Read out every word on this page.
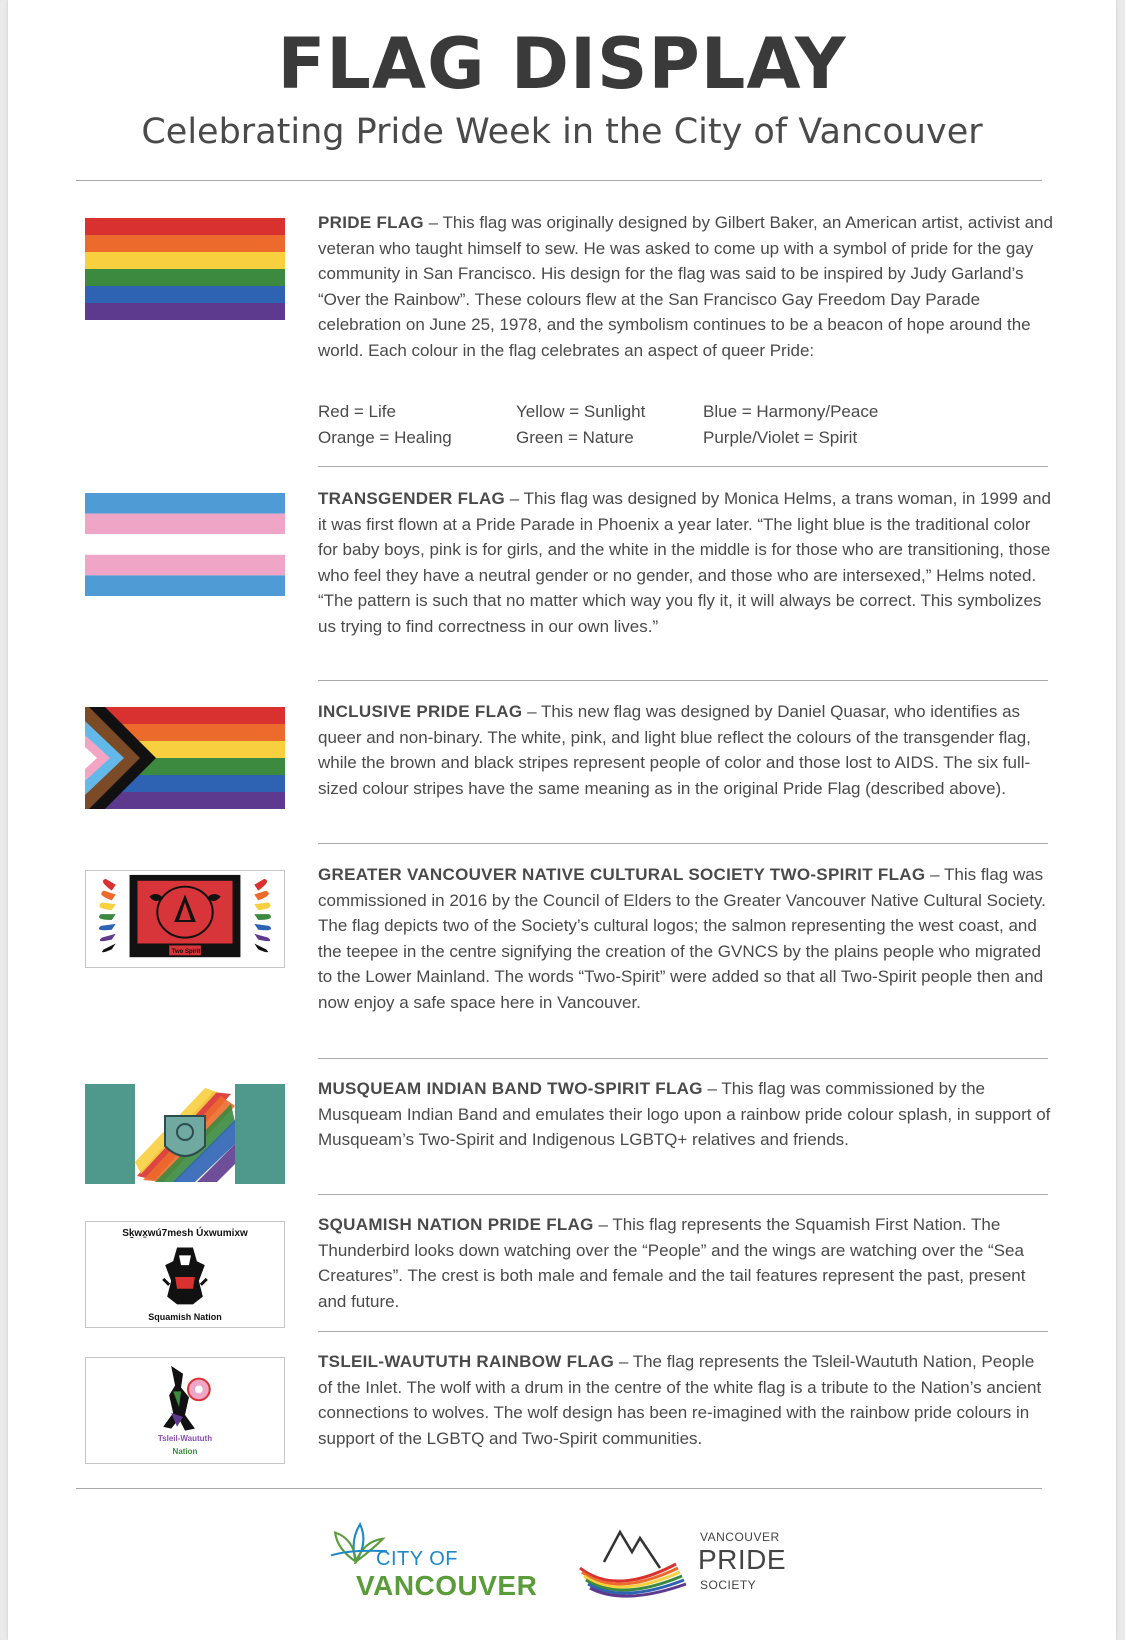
FLAG DISPLAY
Celebrating Pride Week in the City of Vancouver
PRIDE FLAG – This flag was originally designed by Gilbert Baker, an American artist, activist and veteran who taught himself to sew. He was asked to come up with a symbol of pride for the gay community in San Francisco. His design for the flag was said to be inspired by Judy Garland’s “Over the Rainbow”. These colours flew at the San Francisco Gay Freedom Day Parade celebration on June 25, 1978, and the symbolism continues to be a beacon of hope around the world. Each colour in the flag celebrates an aspect of queer Pride:
Red = Life
Orange = Healing
Yellow = Sunlight
Green = Nature
Blue = Harmony/Peace
Purple/Violet = Spirit
TRANSGENDER FLAG – This flag was designed by Monica Helms, a trans woman, in 1999 and it was first flown at a Pride Parade in Phoenix a year later. “The light blue is the traditional color for baby boys, pink is for girls, and the white in the middle is for those who are transitioning, those who feel they have a neutral gender or no gender, and those who are intersexed,” Helms noted. “The pattern is such that no matter which way you fly it, it will always be correct. This symbolizes us trying to find correctness in our own lives.”
INCLUSIVE PRIDE FLAG – This new flag was designed by Daniel Quasar, who identifies as queer and non-binary. The white, pink, and light blue reflect the colours of the transgender flag, while the brown and black stripes represent people of color and those lost to AIDS. The six full-sized colour stripes have the same meaning as in the original Pride Flag (described above).
Two Spirit
GREATER VANCOUVER NATIVE CULTURAL SOCIETY TWO-SPIRIT FLAG – This flag was commissioned in 2016 by the Council of Elders to the Greater Vancouver Native Cultural Society. The flag depicts two of the Society’s cultural logos; the salmon representing the west coast, and the teepee in the centre signifying the creation of the GVNCS by the plains people who migrated to the Lower Mainland. The words “Two-Spirit” were added so that all Two-Spirit people then and now enjoy a safe space here in Vancouver.
MUSQUEAM INDIAN BAND TWO-SPIRIT FLAG – This flag was commissioned by the Musqueam Indian Band and emulates their logo upon a rainbow pride colour splash, in support of Musqueam’s Two-Spirit and Indigenous LGBTQ+ relatives and friends.
Sḵwx̱wú7mesh Úxwumixw
Squamish Nation
SQUAMISH NATION PRIDE FLAG – This flag represents the Squamish First Nation. The Thunderbird looks down watching over the “People” and the wings are watching over the “Sea Creatures”. The crest is both male and female and the tail features represent the past, present and future.
Tsleil-Waututh
Nation
TSLEIL-WAUTUTH RAINBOW FLAG – The flag represents the Tsleil-Waututh Nation, People of the Inlet. The wolf with a drum in the centre of the white flag is a tribute to the Nation’s ancient connections to wolves. The wolf design has been re-imagined with the rainbow pride colours in support of the LGBTQ and Two-Spirit communities.
CITY OF
VANCOUVER
VANCOUVER
PRIDE
SOCIETY
